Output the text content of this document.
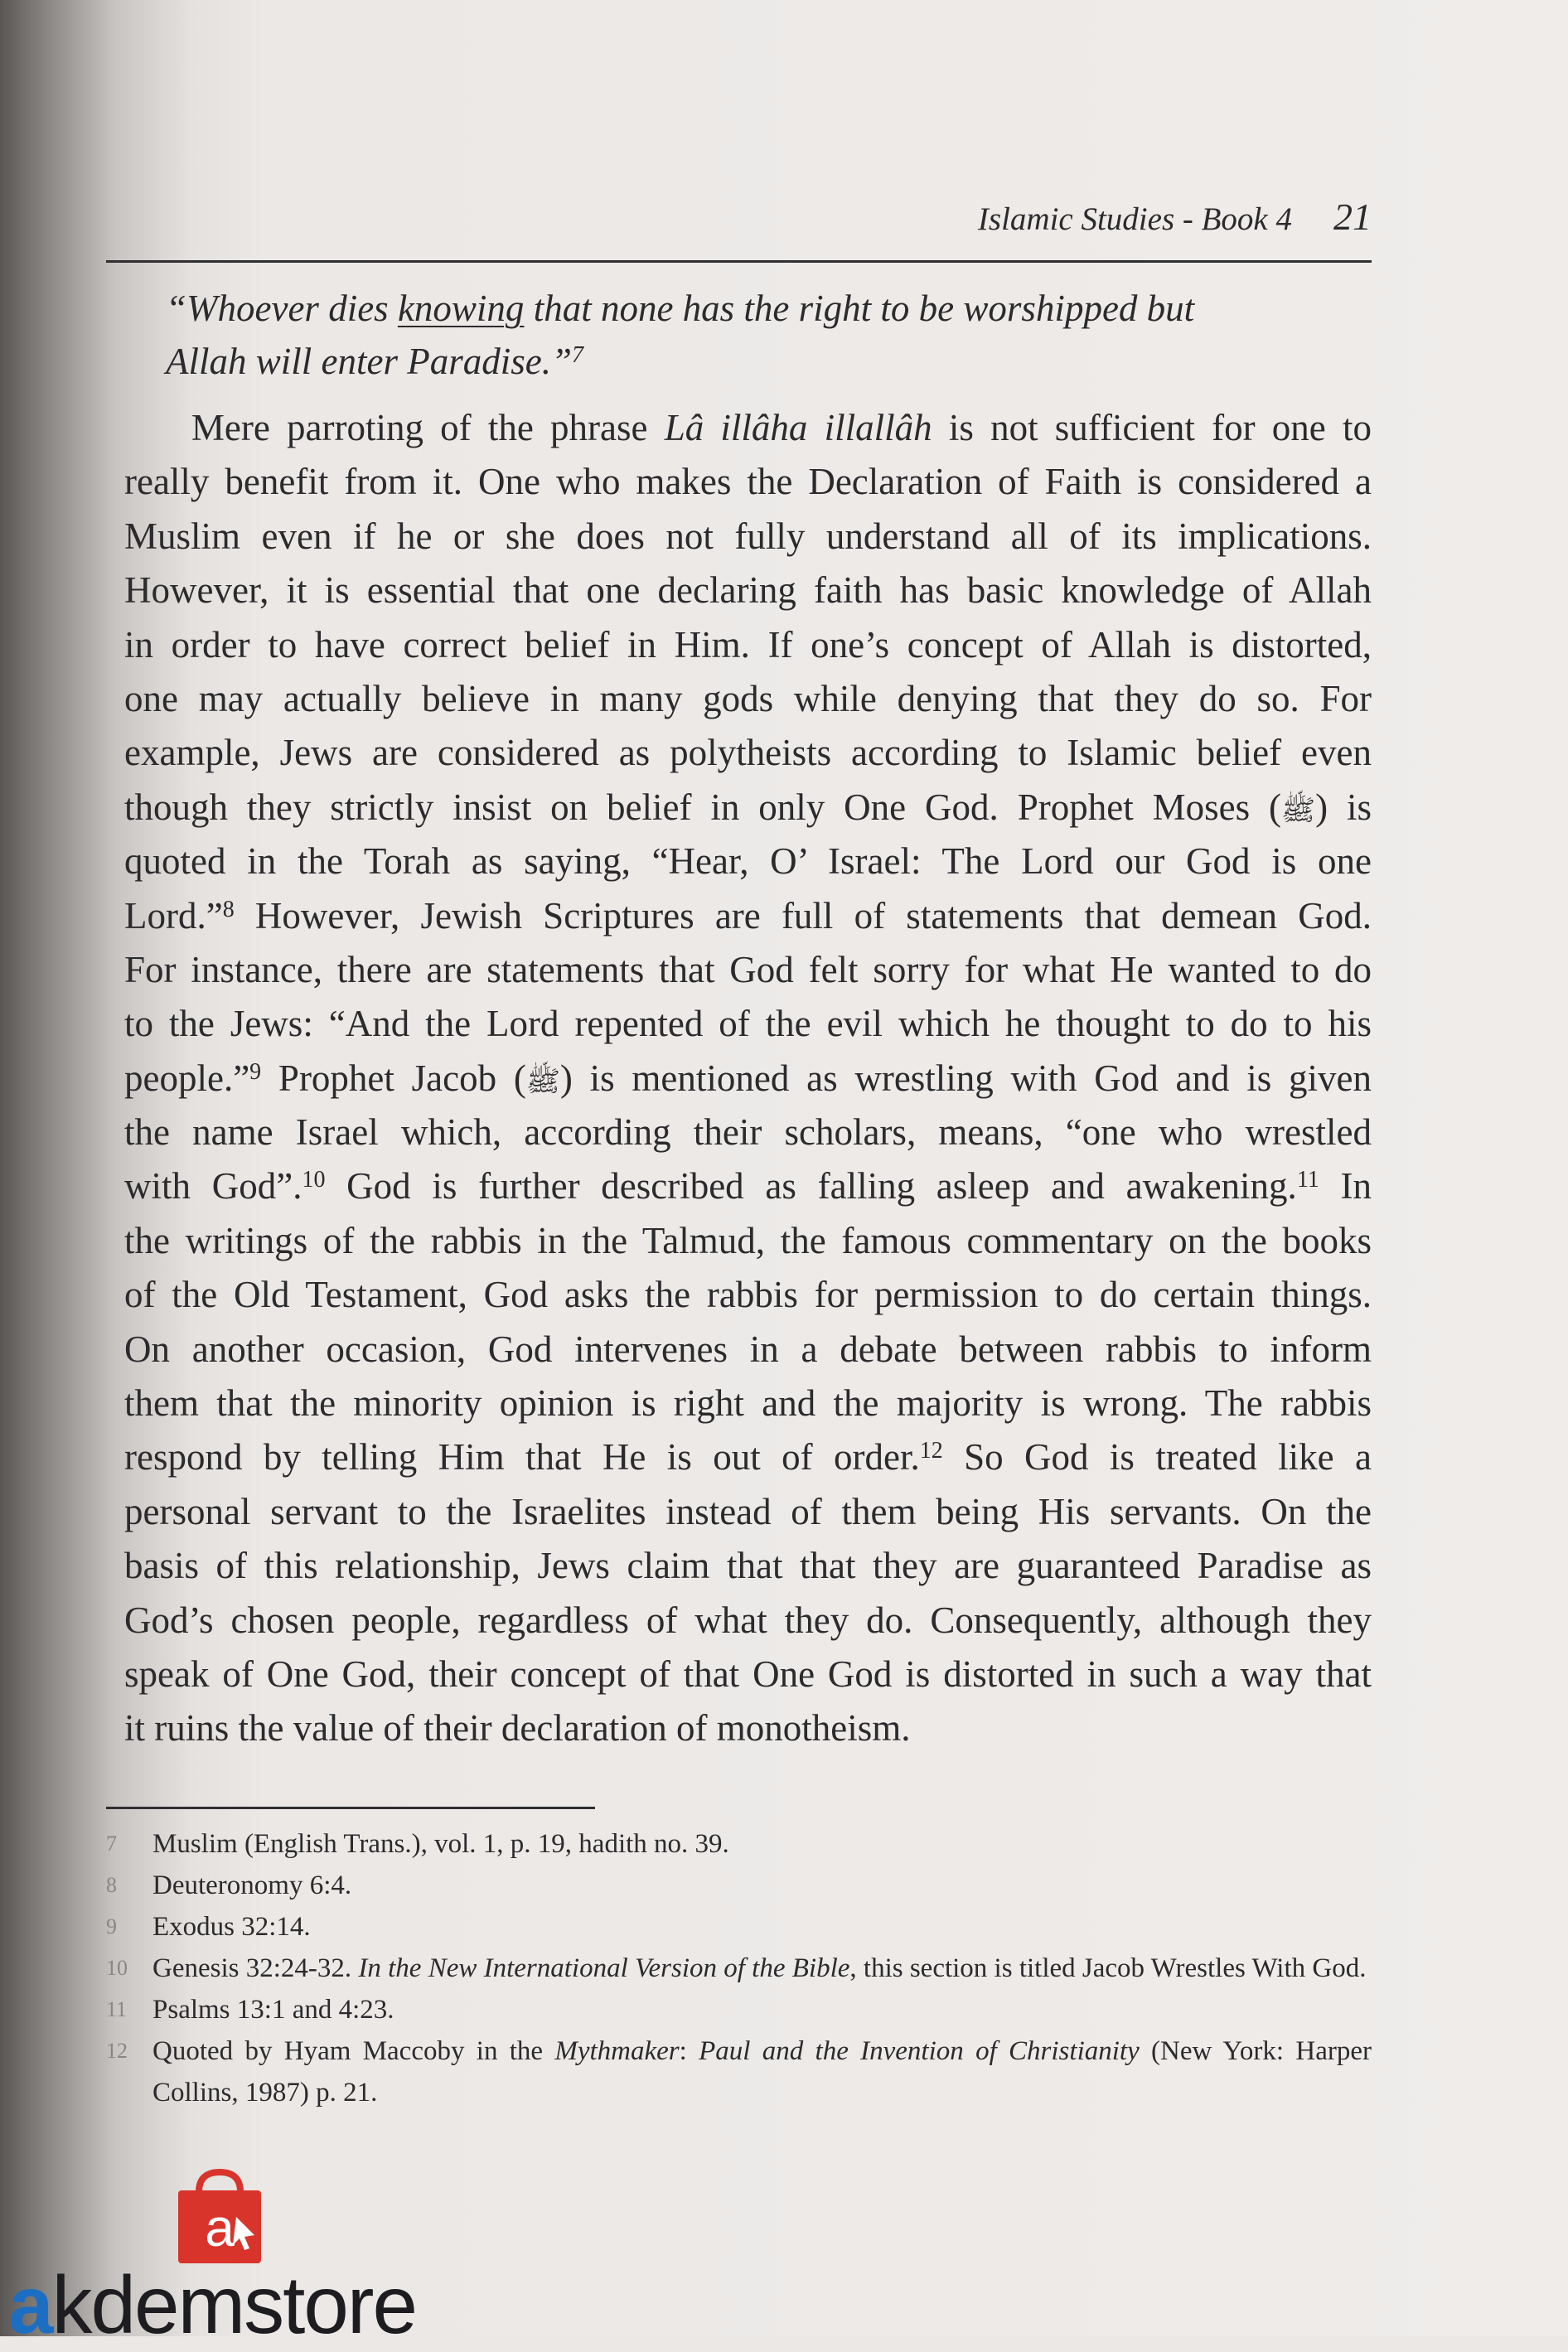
Islamic Studies - Book 4 21
“Whoever dies knowing that none has the right to be worshipped but
Allah will enter Paradise.”$^7$
Mere parroting of the phrase Lâ illâha illallâh is not sufficient for one to
really benefit from it. One who makes the Declaration of Faith is considered a
Muslim even if he or she does not fully understand all of its implications.
However, it is essential that one declaring faith has basic knowledge of Allah
in order to have correct belief in Him. If one’s concept of Allah is distorted,
one may actually believe in many gods while denying that they do so. For
example, Jews are considered as polytheists according to Islamic belief even
though they strictly insist on belief in only One God. Prophet Moses (ﷺ) is
quoted in the Torah as saying, “Hear, O’ Israel: The Lord our God is one
Lord.”$^8$ However, Jewish Scriptures are full of statements that demean God.
For instance, there are statements that God felt sorry for what He wanted to do
to the Jews: “And the Lord repented of the evil which he thought to do to his
people.”$^9$ Prophet Jacob (ﷺ) is mentioned as wrestling with God and is given
the name Israel which, according their scholars, means, “one who wrestled
with God”.$^{10}$ God is further described as falling asleep and awakening.$^{11}$ In
the writings of the rabbis in the Talmud, the famous commentary on the books
of the Old Testament, God asks the rabbis for permission to do certain things.
On another occasion, God intervenes in a debate between rabbis to inform
them that the minority opinion is right and the majority is wrong. The rabbis
respond by telling Him that He is out of order.$^{12}$ So God is treated like a
personal servant to the Israelites instead of them being His servants. On the
basis of this relationship, Jews claim that that they are guaranteed Paradise as
God’s chosen people, regardless of what they do. Consequently, although they
speak of One God, their concept of that One God is distorted in such a way that
it ruins the value of their declaration of monotheism.
7	Muslim (English Trans.), vol. 1, p. 19, hadith no. 39.
8	Deuteronomy 6:4.
9	Exodus 32:14.
10 Genesis 32:24-32. In the New International Version of the Bible, this section is titled Jacob Wrestles With God.
11 Psalms 13:1 and 4:23.
12 Quoted by Hyam Maccoby in the Mythmaker: Paul and the Invention of Christianity (New York: Harper Collins, 1987) p. 21.
a
akdemstore
